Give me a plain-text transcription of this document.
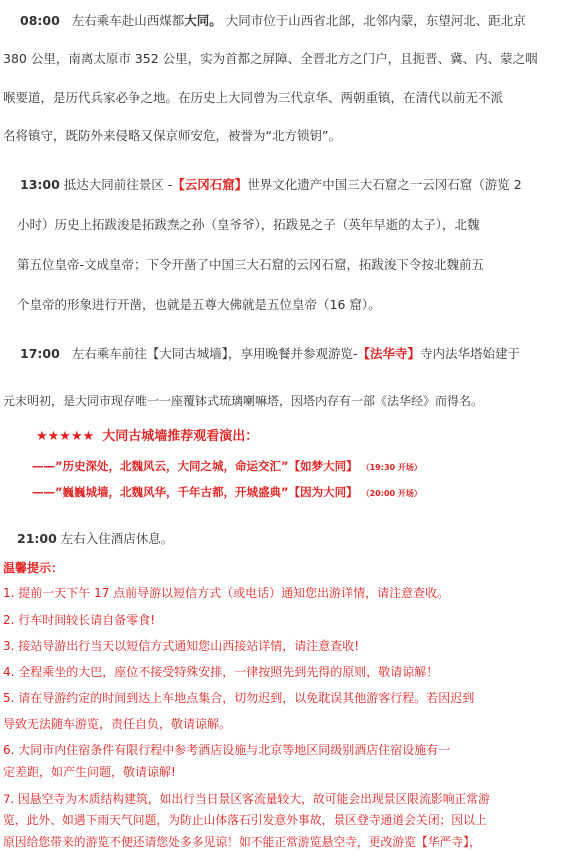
08:00 左右乘车赴山西煤都大同。 大同市位于山西省北部，北邻内蒙，东望河北、距北京
380 公里，南离太原市 352 公里，实为首都之屏障、全晋北方之门户，且扼晋、冀、内、蒙之咽
喉要道，是历代兵家必争之地。在历史上大同曾为三代京华、两朝重镇，在清代以前无不派
名将镇守，既防外来侵略又保京师安危，被誉为“北方锁钥”。
13:00 抵达大同前往景区 -【云冈石窟】世界文化遗产中国三大石窟之一云冈石窟（游览 2
小时）历史上拓跋浚是拓跋焘之孙（皇爷爷），拓跋晃之子（英年早逝的太子），北魏
第五位皇帝-文成皇帝；下令开凿了中国三大石窟的云冈石窟，拓跋浚下令按北魏前五
个皇帝的形象进行开凿，也就是五尊大佛就是五位皇帝（16 窟）。
17:00 左右乘车前往【大同古城墙】，享用晚餐并参观游览-【法华寺】寺内法华塔始建于
元末明初，是大同市现存唯一一座覆钵式琉璃喇嘛塔，因塔内存有一部《法华经》而得名。
★★★★★ 大同古城墙推荐观看演出：
——”历史深处，北魏风云，大同之城，命运交汇”【如梦大同】 （19:30 开场）
——”巍巍城墙，北魏风华，千年古都，开城盛典”【因为大同】 （20:00 开场）
21:00 左右入住酒店休息。
温馨提示：
1. 提前一天下午 17 点前导游以短信方式（或电话）通知您出游详情，请注意查收。
2. 行车时间较长请自备零食!
3. 接站导游出行当天以短信方式通知您山西接站详情，请注意查收!
4. 全程乘坐的大巴，座位不接受特殊安排，一律按照先到先得的原则，敬请谅解！
5. 请在导游约定的时间到达上车地点集合，切勿迟到，以免耽误其他游客行程。若因迟到
导致无法随车游览，责任自负，敬请谅解。
6. 大同市内住宿条件有限行程中参考酒店设施与北京等地区同级别酒店住宿设施有一
定差距，如产生问题，敬请谅解!
7. 因悬空寺为木质结构建筑，如出行当日景区客流量较大，故可能会出现景区限流影响正常游
览，此外、如遇下雨天气问题，为防止山体落石引发意外事故，景区登寺通道会关闭；因以上
原因给您带来的游览不便还请您处多多见谅！如不能正常游览悬空寺，更改游览【华严寺】，
